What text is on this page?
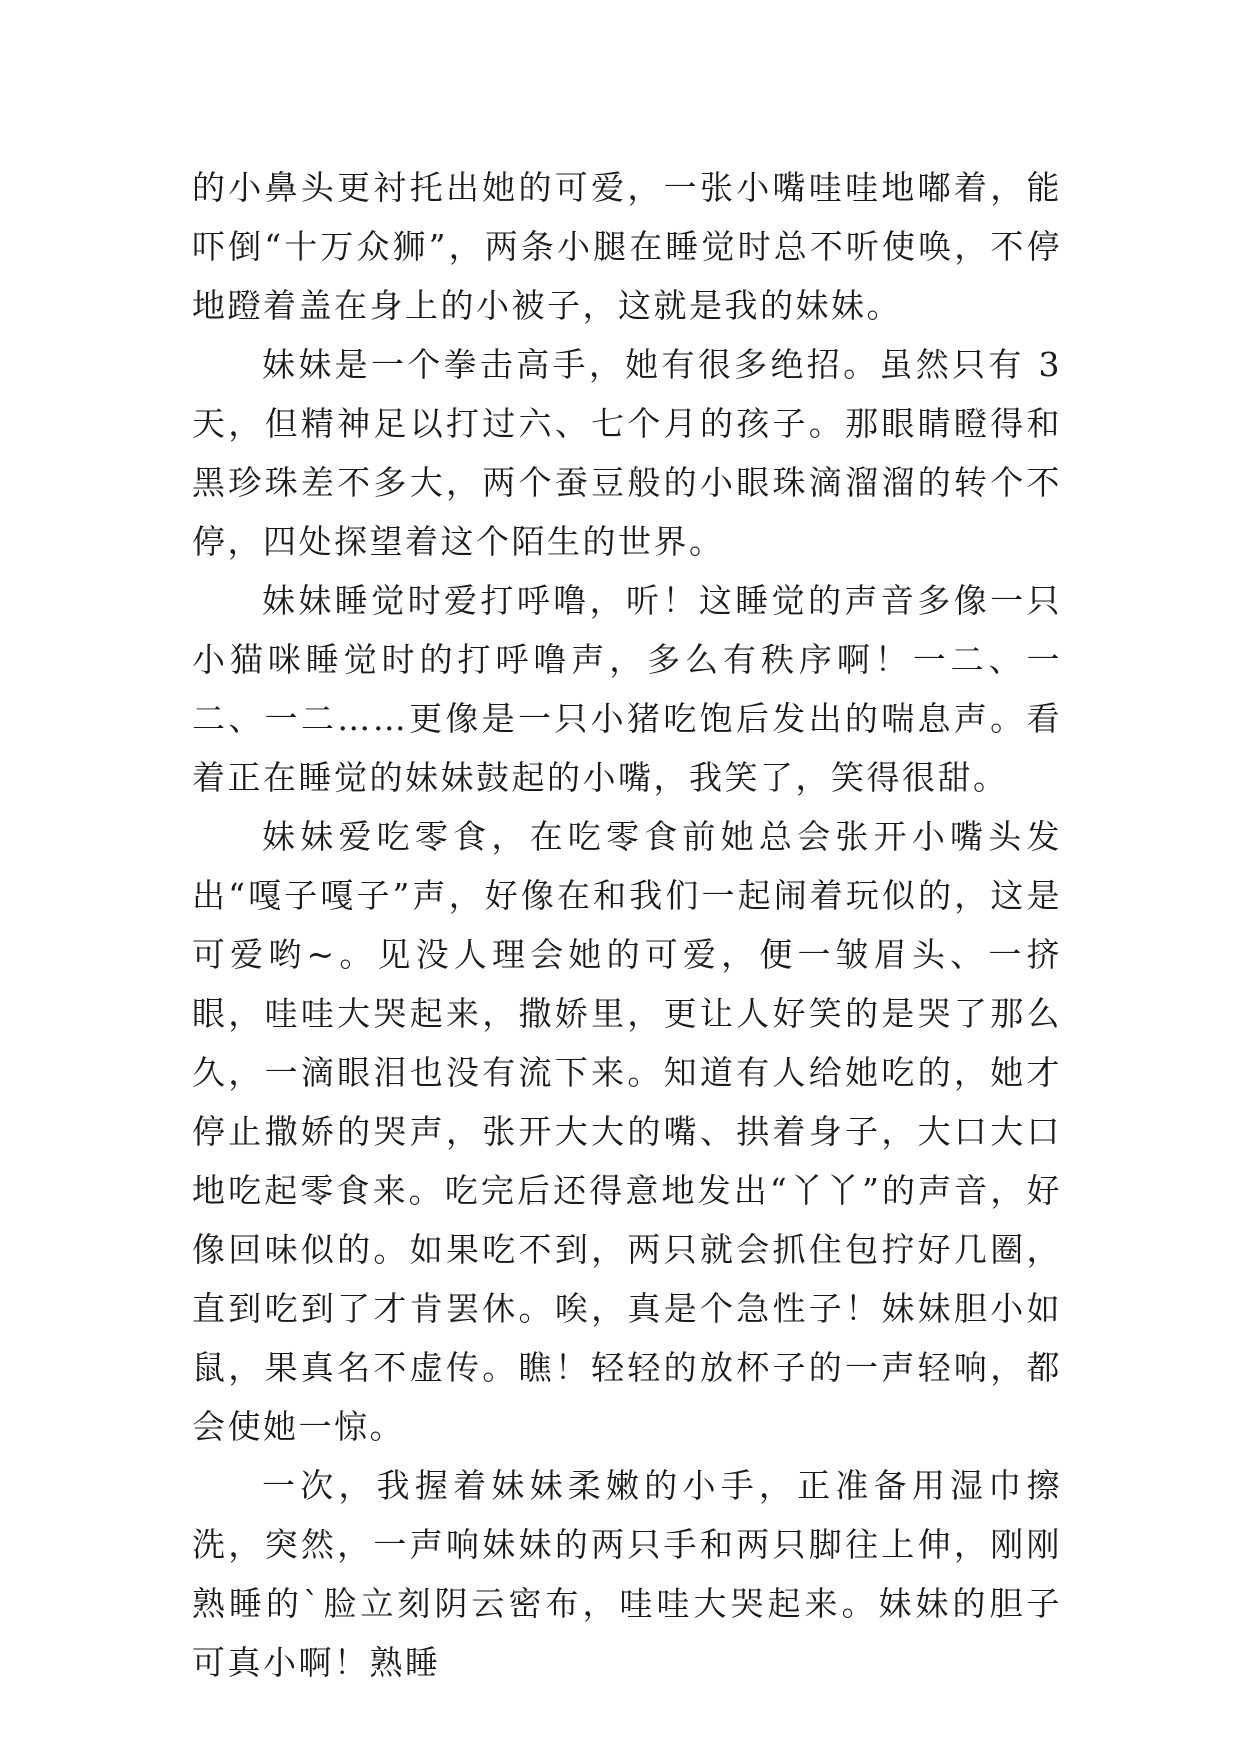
的小鼻头更衬托出她的可爱，一张小嘴哇哇地嘟着，能吓倒“十万众狮”，两条小腿在睡觉时总不听使唤，不停地蹬着盖在身上的小被子，这就是我的妹妹。

妹妹是一个拳击高手，她有很多绝招。虽然只有 3 天，但精神足以打过六、七个月的孩子。那眼睛瞪得和黑珍珠差不多大，两个蚕豆般的小眼珠滴溜溜的转个不停，四处探望着这个陌生的世界。

妹妹睡觉时爱打呼噜，听！这睡觉的声音多像一只小猫咪睡觉时的打呼噜声，多么有秩序啊！一二、一二、一二……更像是一只小猪吃饱后发出的喘息声。看着正在睡觉的妹妹鼓起的小嘴，我笑了，笑得很甜。

妹妹爱吃零食，在吃零食前她总会张开小嘴头发出“嘎子嘎子”声，好像在和我们一起闹着玩似的，这是可爱哟~。见没人理会她的可爱，便一皱眉头、一挤眼，哇哇大哭起来，撒娇里，更让人好笑的是哭了那么久，一滴眼泪也没有流下来。知道有人给她吃的，她才停止撒娇的哭声，张开大大的嘴、拱着身子，大口大口地吃起零食来。吃完后还得意地发出“丫丫”的声音，好像回味似的。如果吃不到，两只就会抓住包拧好几圈，直到吃到了才肯罢休。唉，真是个急性子！妹妹胆小如鼠，果真名不虚传。瞧！轻轻的放杯子的一声轻响，都会使她一惊。

一次，我握着妹妹柔嫩的小手，正准备用湿巾擦洗，突然，一声响妹妹的两只手和两只脚往上伸，刚刚熟睡的`脸立刻阴云密布，哇哇大哭起来。妹妹的胆子可真小啊！熟睡
